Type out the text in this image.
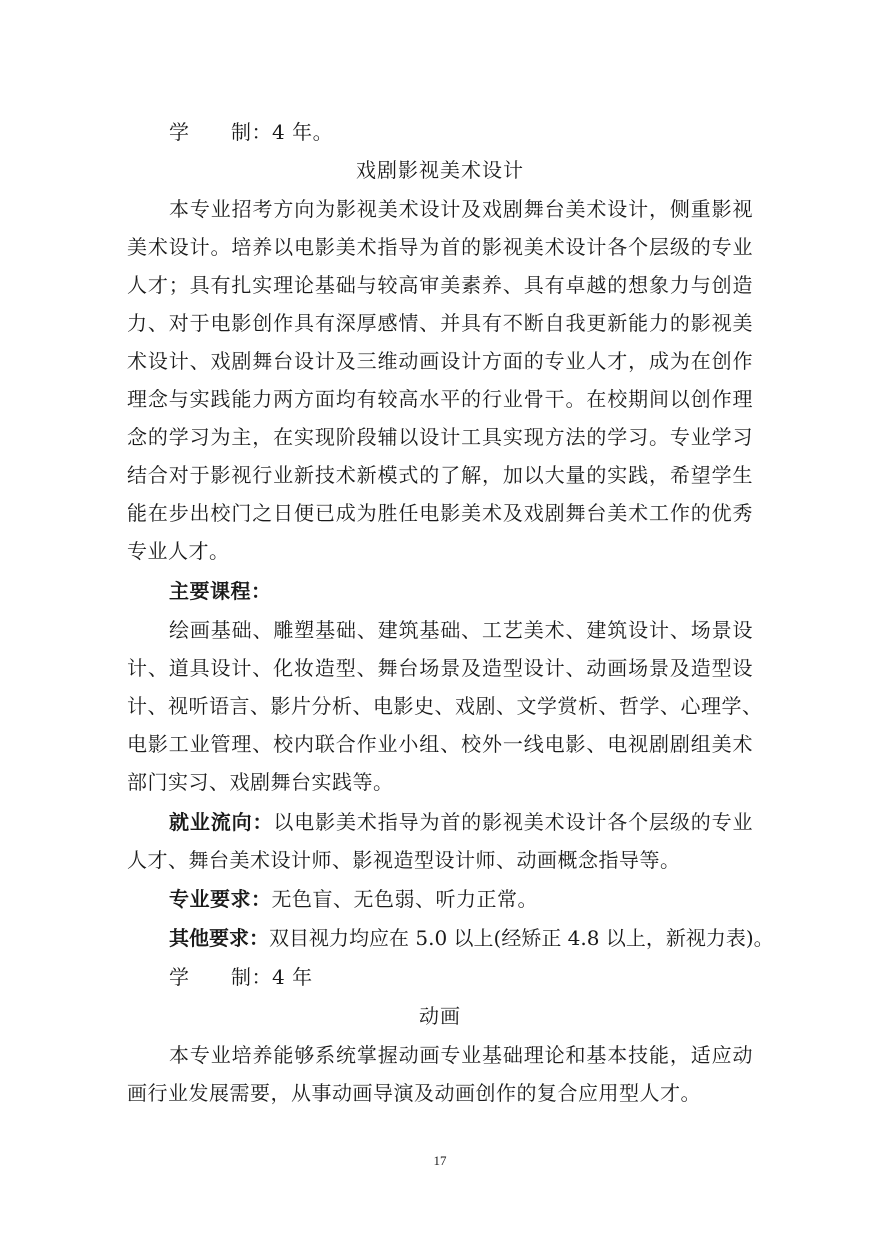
学 制：4 年。
戏剧影视美术设计
本专业招考方向为影视美术设计及戏剧舞台美术设计，侧重影视
美术设计。培养以电影美术指导为首的影视美术设计各个层级的专业
人才；具有扎实理论基础与较高审美素养、具有卓越的想象力与创造
力、对于电影创作具有深厚感情、并具有不断自我更新能力的影视美
术设计、戏剧舞台设计及三维动画设计方面的专业人才，成为在创作
理念与实践能力两方面均有较高水平的行业骨干。在校期间以创作理
念的学习为主，在实现阶段辅以设计工具实现方法的学习。专业学习
结合对于影视行业新技术新模式的了解，加以大量的实践，希望学生
能在步出校门之日便已成为胜任电影美术及戏剧舞台美术工作的优秀
专业人才。
主要课程：
绘画基础、雕塑基础、建筑基础、工艺美术、建筑设计、场景设
计、道具设计、化妆造型、舞台场景及造型设计、动画场景及造型设
计、视听语言、影片分析、电影史、戏剧、文学赏析、哲学、心理学、
电影工业管理、校内联合作业小组、校外一线电影、电视剧剧组美术
部门实习、戏剧舞台实践等。
就业流向：以电影美术指导为首的影视美术设计各个层级的专业
人才、舞台美术设计师、影视造型设计师、动画概念指导等。
专业要求：无色盲、无色弱、听力正常。
其他要求：双目视力均应在 5.0 以上(经矫正 4.8 以上，新视力表)。
学 制：4 年
动画
本专业培养能够系统掌握动画专业基础理论和基本技能，适应动
画行业发展需要，从事动画导演及动画创作的复合应用型人才。
17
